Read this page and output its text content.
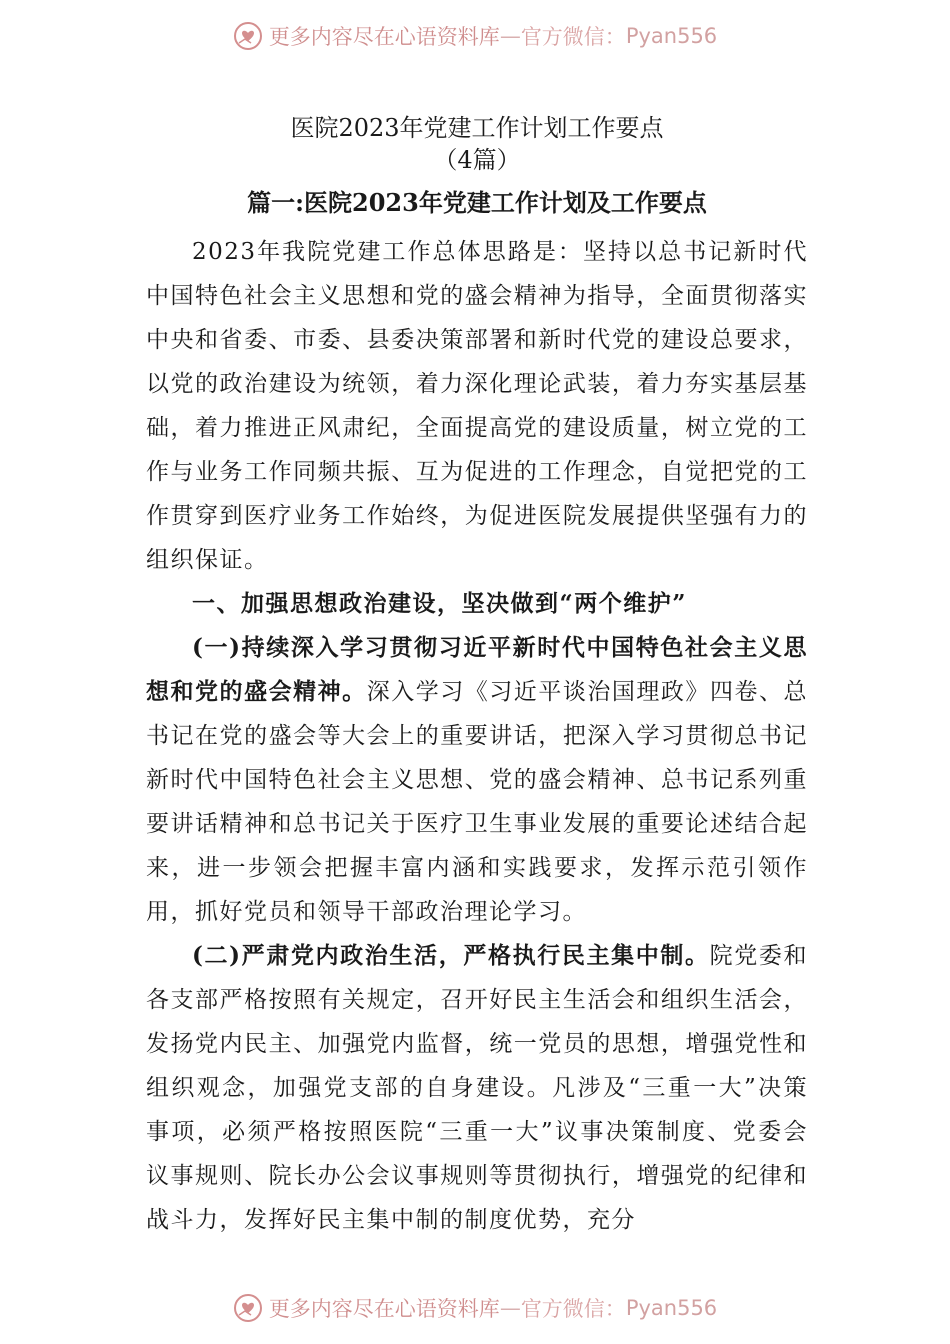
更多内容尽在心语资料库 — 官方微信： Pyan556
医院2023年党建工作计划工作要点
（4篇）
篇一:医院2023年党建工作计划及工作要点

2023年我院党建工作总体思路是：坚持以总书记新时代中国特色社会主义思想和党的盛会精神为指导，全面贯彻落实中央和省委、市委、县委决策部署和新时代党的建设总要求，以党的政治建设为统领，着力深化理论武装，着力夯实基层基础，着力推进正风肃纪，全面提高党的建设质量，树立党的工作与业务工作同频共振、互为促进的工作理念，自觉把党的工作贯穿到医疗业务工作始终，为促进医院发展提供坚强有力的组织保证。

一、加强思想政治建设，坚决做到“两个维护”

(一)持续深入学习贯彻习近平新时代中国特色社会主义思想和党的盛会精神。深入学习《习近平谈治国理政》四卷、总书记在党的盛会等大会上的重要讲话，把深入学习贯彻总书记新时代中国特色社会主义思想、党的盛会精神、总书记系列重要讲话精神和总书记关于医疗卫生事业发展的重要论述结合起来，进一步领会把握丰富内涵和实践要求，发挥示范引领作用，抓好党员和领导干部政治理论学习。

(二)严肃党内政治生活，严格执行民主集中制。院党委和各支部严格按照有关规定，召开好民主生活会和组织生活会，发扬党内民主、加强党内监督，统一党员的思想，增强党性和组织观念，加强党支部的自身建设。凡涉及“三重一大”决策事项，必须严格按照医院“三重一大”议事决策制度、党委会议事规则、院长办公会议事规则等贯彻执行，增强党的纪律和战斗力，发挥好民主集中制的制度优势，充分

更多内容尽在心语资料库 — 官方微信： Pyan556
